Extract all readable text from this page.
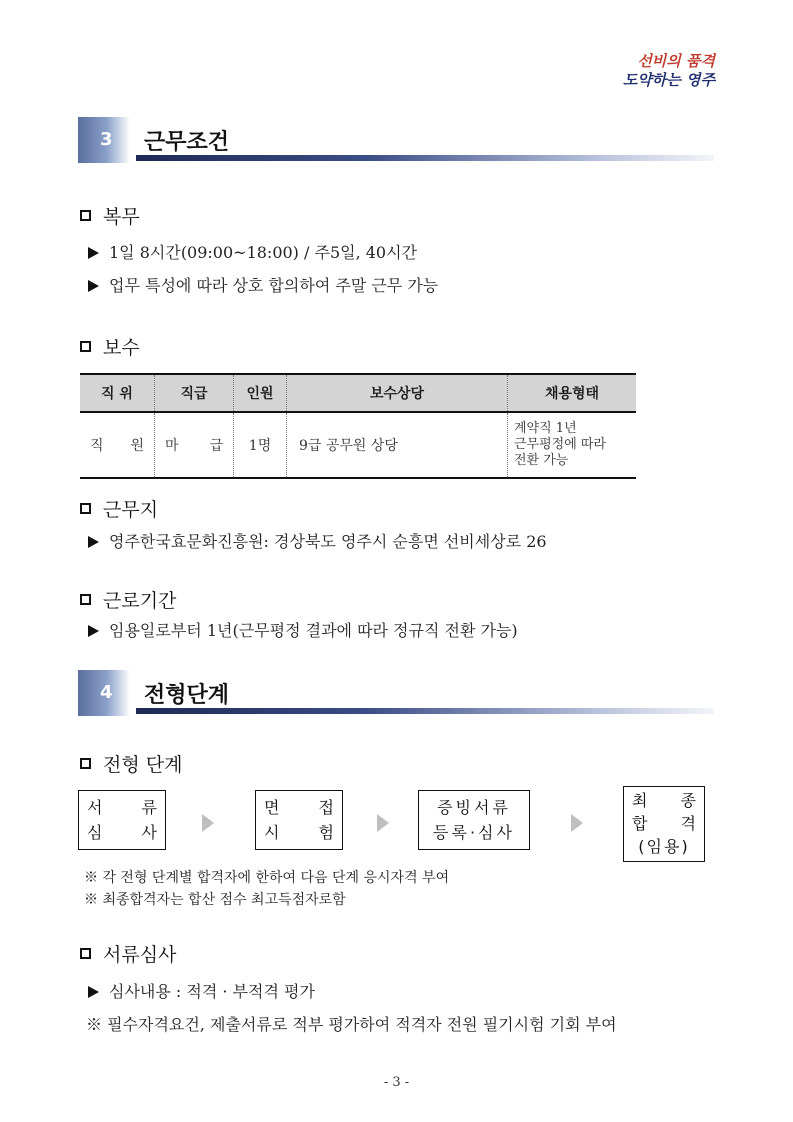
선비의 품격
도약하는 영주
3	근무조건
복무
1일 8시간(09:00~18:00) / 주5일, 40시간
업무 특성에 따라 상호 합의하여 주말 근무 가능
보수
직 위	직급	인원	보수상당	채용형태

직 원	마 급	1명	9급 공무원 상당	계약직 1년
근무평정에 따라
전환 가능
근무지
영주한국효문화진흥원: 경상북도 영주시 순흥면 선비세상로 26
근로기간
임용일로부터 1년(근무평정 결과에 따라 정규직 전환 가능)
4	전형단계
전형 단계
서 류
심 사
면 접
시 험
증빙서류
등록·심사
최 종
합 격
(임용)
※ 각 전형 단계별 합격자에 한하여 다음 단계 응시자격 부여
※ 최종합격자는 합산 점수 최고득점자로함
서류심사
심사내용 : 적격 · 부적격 평가
※ 필수자격요건, 제출서류로 적부 평가하여 적격자 전원 필기시험 기회 부여
- 3 -
